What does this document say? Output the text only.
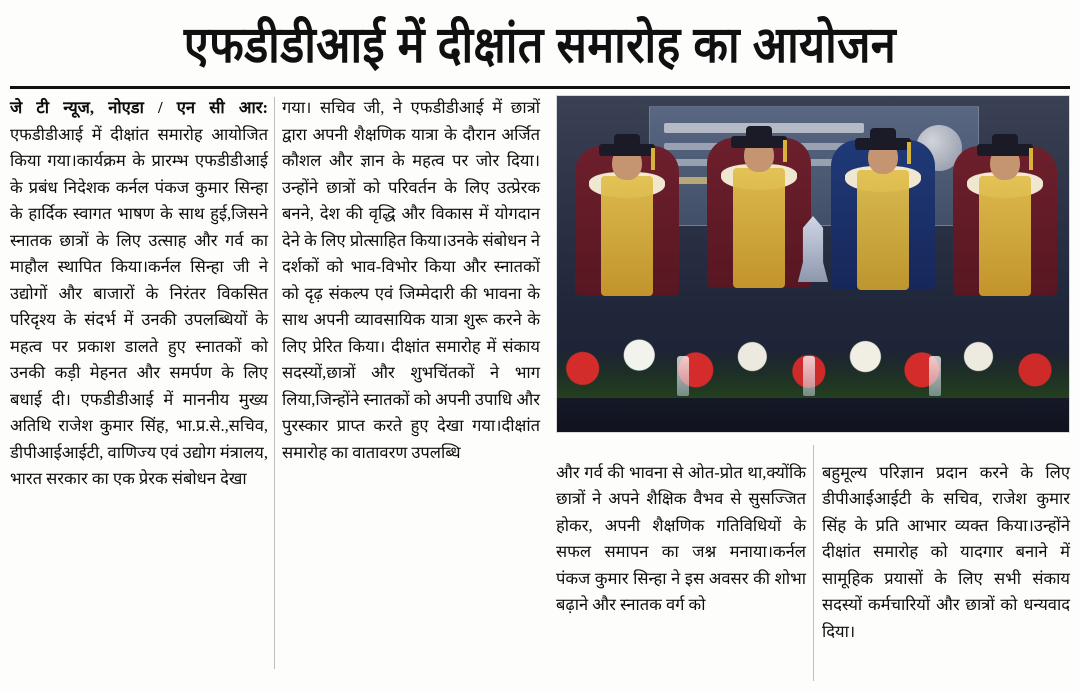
एफडीडीआई में दीक्षांत समारोह का आयोजन

जे टी न्यूज, नोएडा / एन सी आर: एफडीडीआई में दीक्षांत समारोह आयोजित किया गया।कार्यक्रम के प्रारम्भ एफडीडीआई के प्रबंध निदेशक कर्नल पंकज कुमार सिन्हा के हार्दिक स्वागत भाषण के साथ हुई,जिसने स्नातक छात्रों के लिए उत्साह और गर्व का माहौल स्थापित किया।कर्नल सिन्हा जी ने उद्योगों और बाजारों के निरंतर विकसित परिदृश्य के संदर्भ में उनकी उपलब्धियों के महत्व पर प्रकाश डालते हुए स्नातकों को उनकी कड़ी मेहनत और समर्पण के लिए बधाई दी। एफडीडीआई में माननीय मुख्य अतिथि राजेश कुमार सिंह, भा.प्र.से.,सचिव, डीपीआईआईटी, वाणिज्य एवं उद्योग मंत्रालय, भारत सरकार का एक प्रेरक संबोधन देखा

गया। सचिव जी, ने एफडीडीआई में छात्रों द्वारा अपनी शैक्षणिक यात्रा के दौरान अर्जित कौशल और ज्ञान के महत्व पर जोर दिया। उन्होंने छात्रों को परिवर्तन के लिए उत्प्रेरक बनने, देश की वृद्धि और विकास में योगदान देने के लिए प्रोत्साहित किया।उनके संबोधन ने दर्शकों को भाव-विभोर किया और स्नातकों को दृढ़ संकल्प एवं जिम्मेदारी की भावना के साथ अपनी व्यावसायिक यात्रा शुरू करने के लिए प्रेरित किया। दीक्षांत समारोह में संकाय सदस्यों,छात्रों और शुभचिंतकों ने भाग लिया,जिन्होंने स्नातकों को अपनी उपाधि और पुरस्कार प्राप्त करते हुए देखा गया।दीक्षांत समारोह का वातावरण उपलब्धि

और गर्व की भावना से ओत-प्रोत था,क्योंकि छात्रों ने अपने शैक्षिक वैभव से सुसज्जित होकर, अपनी शैक्षणिक गतिविधियों के सफल समापन का जश्न मनाया।कर्नल पंकज कुमार सिन्हा ने इस अवसर की शोभा बढ़ाने और स्नातक वर्ग को

बहुमूल्य परिज्ञान प्रदान करने के लिए डीपीआईआईटी के सचिव, राजेश कुमार सिंह के प्रति आभार व्यक्त किया।उन्होंने दीक्षांत समारोह को यादगार बनाने में सामूहिक प्रयासों के लिए सभी संकाय सदस्यों कर्मचारियों और छात्रों को धन्यवाद दिया।
